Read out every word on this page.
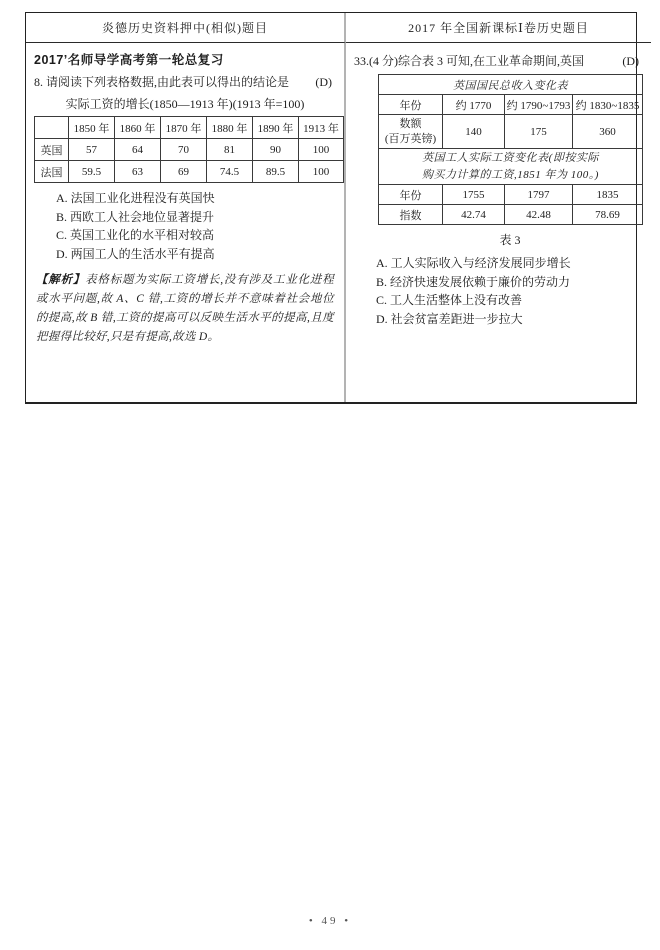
炎德历史资料押中(相似)题目	2017 年全国新课标Ⅰ卷历史题目
2017’名师导学高考第一轮总复习
8. 请阅读下列表格数据,由此表可以得出的结论是 (D)
实际工资的增长(1850—1913 年)(1913 年=100)
	1850 年	1860 年	1870 年	1880 年	1890 年	1913 年
英国	57	64	70	81	90	100
法国	59.5	63	69	74.5	89.5	100
A. 法国工业化进程没有英国快
B. 西欧工人社会地位显著提升
C. 英国工业化的水平相对较高
D. 两国工人的生活水平有提高
【解析】表格标题为实际工资增长,没有涉及工业化进程或水平问题,故 A、C 错,工资的增长并不意味着社会地位的提高,故 B 错,工资的提高可以反映生活水平的提高,且度把握得比较好,只是有提高,故选 D。
33.(4 分)综合表 3 可知,在工业革命期间,英国	(D)
英国国民总收入变化表			
年份	约 1770	约 1790~1793	约 1830~1835

数额
(百万英镑)	140	175	360

英国工人实际工资变化表(即按实际
购买力计算的工资,1851 年为 100。)			

年份	1755	1797	1835
指数	42.74	42.48	78.69
表 3
A. 工人实际收入与经济发展同步增长
B. 经济快速发展依赖于廉价的劳动力
C. 工人生活整体上没有改善
D. 社会贫富差距进一步拉大
• 49 •
